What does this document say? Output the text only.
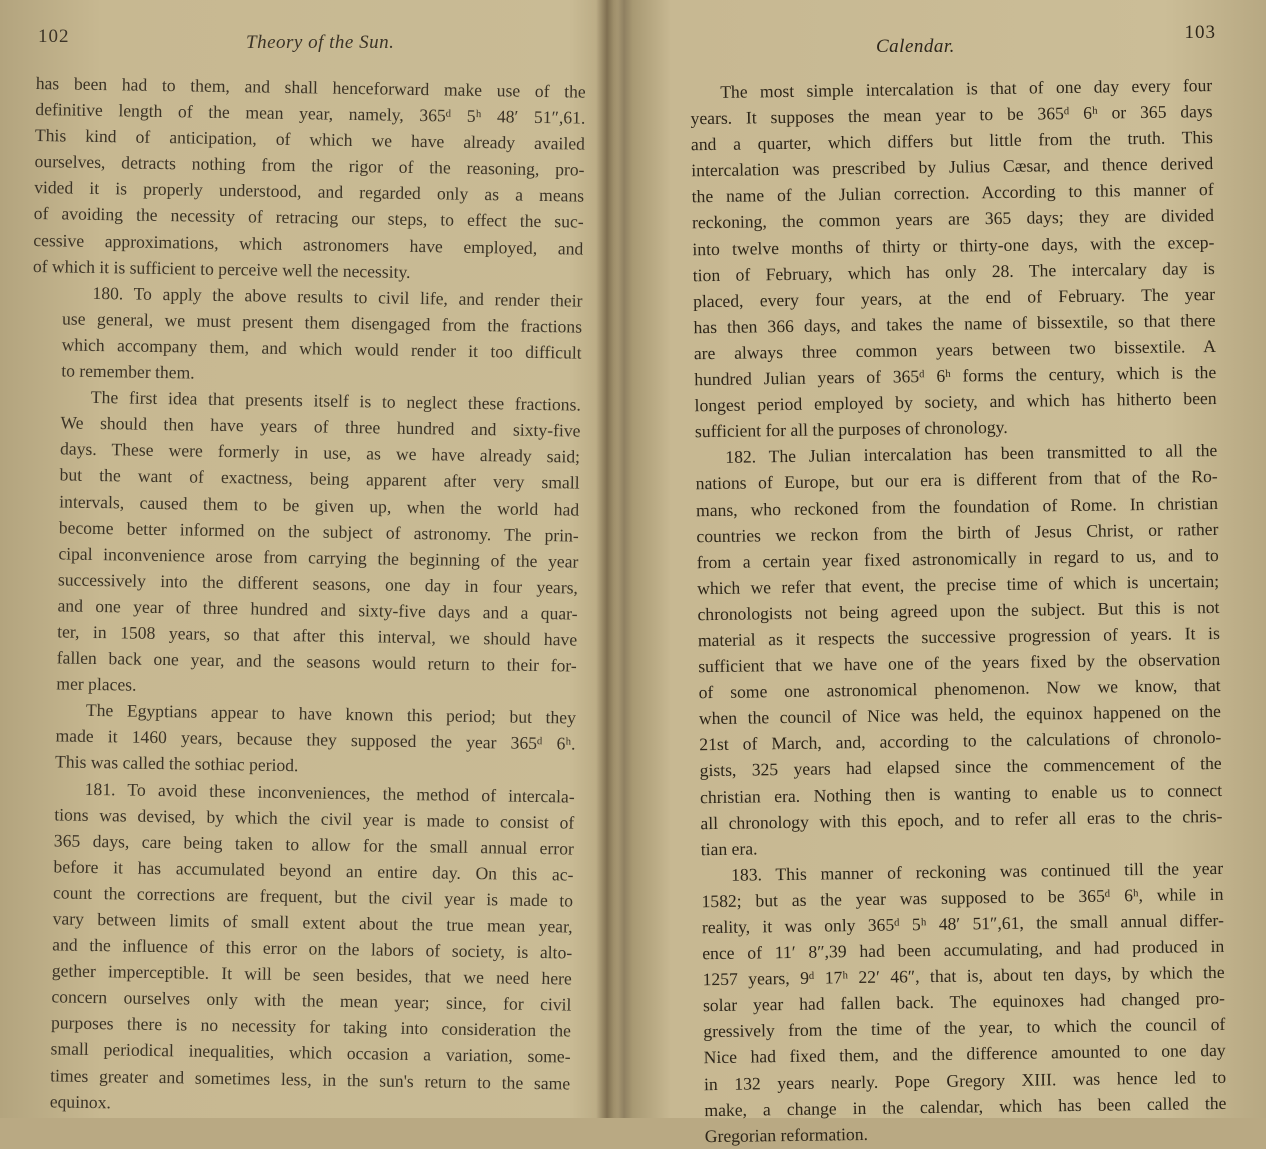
102	Theory of the Sun.
has been had to them, and shall henceforward make use of the
definitive length of the mean year, namely, 365ᵈ 5ʰ 48′ 51″,61.
This kind of anticipation, of which we have already availed
ourselves, detracts nothing from the rigor of the reasoning, pro-
vided it is properly understood, and regarded only as a means
of avoiding the necessity of retracing our steps, to effect the suc-
cessive approximations, which astronomers have employed, and
of which it is sufficient to perceive well the necessity.
180. To apply the above results to civil life, and render their
use general, we must present them disengaged from the fractions
which accompany them, and which would render it too difficult
to remember them.
The first idea that presents itself is to neglect these fractions.
We should then have years of three hundred and sixty-five
days. These were formerly in use, as we have already said;
but the want of exactness, being apparent after very small
intervals, caused them to be given up, when the world had
become better informed on the subject of astronomy. The prin-
cipal inconvenience arose from carrying the beginning of the year
successively into the different seasons, one day in four years,
and one year of three hundred and sixty-five days and a quar-
ter, in 1508 years, so that after this interval, we should have
fallen back one year, and the seasons would return to their for-
mer places.
The Egyptians appear to have known this period; but they
made it 1460 years, because they supposed the year 365ᵈ 6ʰ.
This was called the sothiac period.
181. To avoid these inconveniences, the method of intercala-
tions was devised, by which the civil year is made to consist of
365 days, care being taken to allow for the small annual error
before it has accumulated beyond an entire day. On this ac-
count the corrections are frequent, but the civil year is made to
vary between limits of small extent about the true mean year,
and the influence of this error on the labors of society, is alto-
gether imperceptible. It will be seen besides, that we need here
concern ourselves only with the mean year; since, for civil
purposes there is no necessity for taking into consideration the
small periodical inequalities, which occasion a variation, some-
times greater and sometimes less, in the sun's return to the same
equinox.
Calendar.
103
The most simple intercalation is that of one day every four
years. It supposes the mean year to be 365ᵈ 6ʰ or 365 days
and a quarter, which differs but little from the truth. This
intercalation was prescribed by Julius Cæsar, and thence derived
the name of the Julian correction. According to this manner of
reckoning, the common years are 365 days; they are divided
into twelve months of thirty or thirty-one days, with the excep-
tion of February, which has only 28. The intercalary day is
placed, every four years, at the end of February. The year
has then 366 days, and takes the name of bissextile, so that there
are always three common years between two bissextile. A
hundred Julian years of 365ᵈ 6ʰ forms the century, which is the
longest period employed by society, and which has hitherto been
sufficient for all the purposes of chronology.
182. The Julian intercalation has been transmitted to all the
nations of Europe, but our era is different from that of the Ro-
mans, who reckoned from the foundation of Rome. In christian
countries we reckon from the birth of Jesus Christ, or rather
from a certain year fixed astronomically in regard to us, and to
which we refer that event, the precise time of which is uncertain;
chronologists not being agreed upon the subject. But this is not
material as it respects the successive progression of years. It is
sufficient that we have one of the years fixed by the observation
of some one astronomical phenomenon. Now we know, that
when the council of Nice was held, the equinox happened on the
21st of March, and, according to the calculations of chronolo-
gists, 325 years had elapsed since the commencement of the
christian era. Nothing then is wanting to enable us to connect
all chronology with this epoch, and to refer all eras to the chris-
tian era.
183. This manner of reckoning was continued till the year
1582; but as the year was supposed to be 365ᵈ 6ʰ, while in
reality, it was only 365ᵈ 5ʰ 48′ 51″,61, the small annual differ-
ence of 11′ 8″,39 had been accumulating, and had produced in
1257 years, 9ᵈ 17ʰ 22′ 46″, that is, about ten days, by which the
solar year had fallen back. The equinoxes had changed pro-
gressively from the time of the year, to which the council of
Nice had fixed them, and the difference amounted to one day
in 132 years nearly. Pope Gregory XIII. was hence led to
make, a change in the calendar, which has been called the
Gregorian reformation.
